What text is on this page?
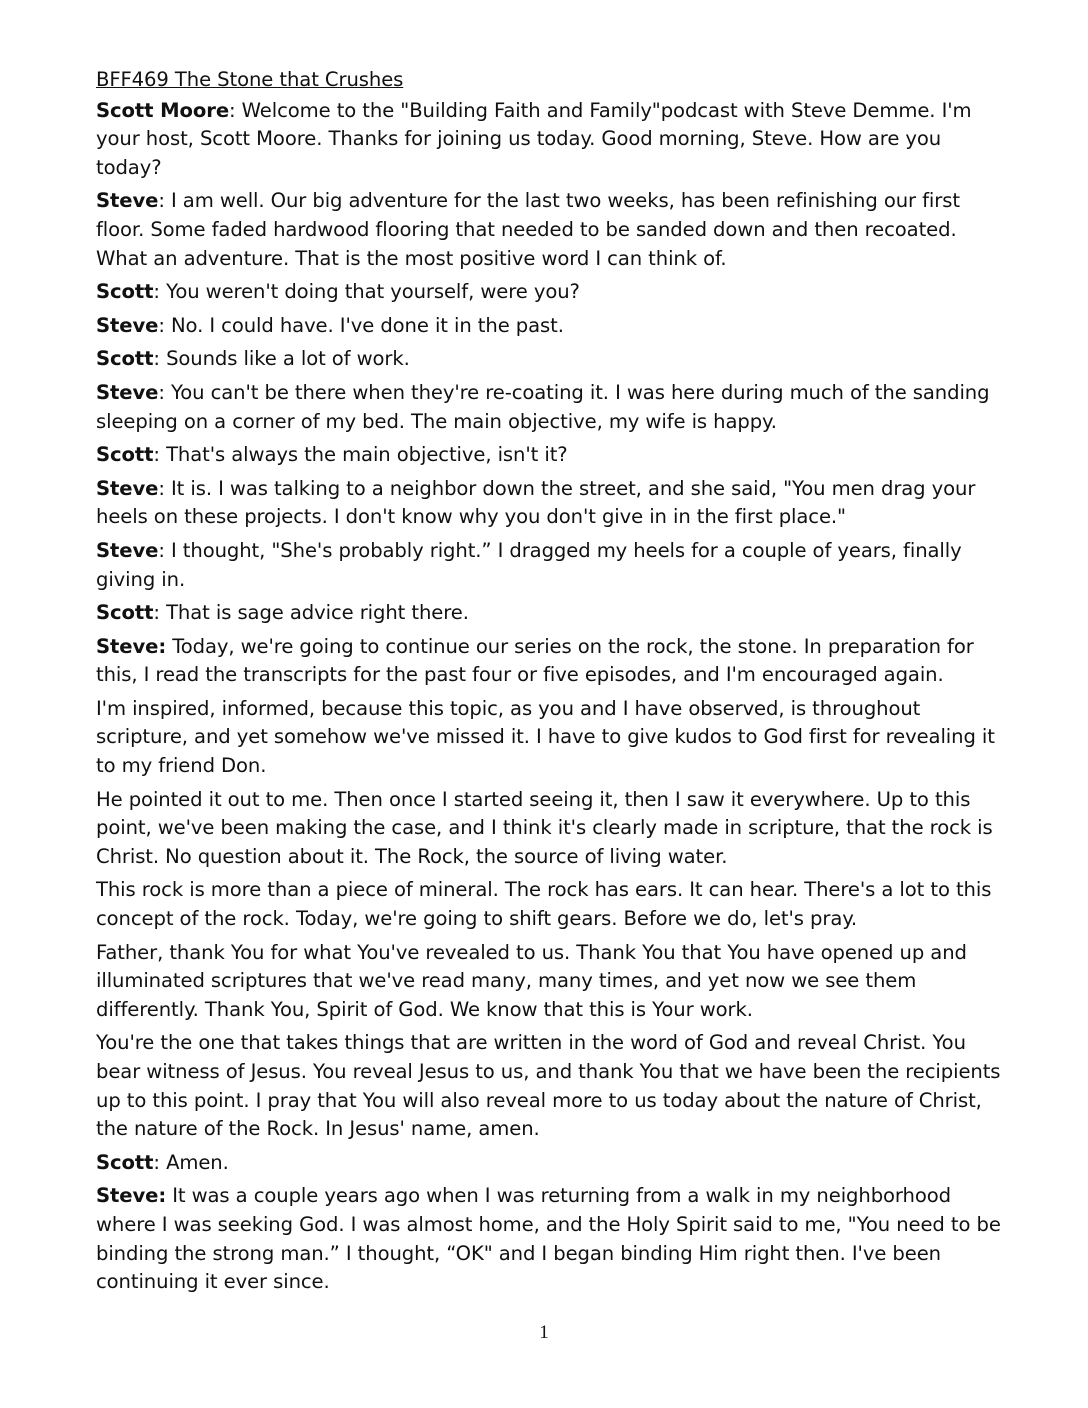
BFF469 The Stone that Crushes
Scott Moore: Welcome to the "Building Faith and Family"podcast with Steve Demme. I'm your host, Scott Moore. Thanks for joining us today. Good morning, Steve. How are you today?
Steve: I am well. Our big adventure for the last two weeks, has been refinishing our first floor. Some faded hardwood flooring that needed to be sanded down and then recoated. What an adventure. That is the most positive word I can think of.
Scott: You weren't doing that yourself, were you?
Steve: No. I could have. I've done it in the past.
Scott: Sounds like a lot of work.
Steve: You can't be there when they're re-coating it. I was here during much of the sanding sleeping on a corner of my bed. The main objective, my wife is happy.
Scott: That's always the main objective, isn't it?
Steve: It is. I was talking to a neighbor down the street, and she said, "You men drag your heels on these projects. I don't know why you don't give in in the first place."
Steve: I thought, "She's probably right.” I dragged my heels for a couple of years, finally giving in.
Scott: That is sage advice right there.
Steve: Today, we're going to continue our series on the rock, the stone. In preparation for this, I read the transcripts for the past four or five episodes, and I'm encouraged again.
I'm inspired, informed, because this topic, as you and I have observed, is throughout scripture, and yet somehow we've missed it. I have to give kudos to God first for revealing it to my friend Don.
He pointed it out to me. Then once I started seeing it, then I saw it everywhere. Up to this point, we've been making the case, and I think it's clearly made in scripture, that the rock is Christ. No question about it. The Rock, the source of living water.
This rock is more than a piece of mineral. The rock has ears. It can hear. There's a lot to this concept of the rock. Today, we're going to shift gears. Before we do, let's pray.
Father, thank You for what You've revealed to us. Thank You that You have opened up and illuminated scriptures that we've read many, many times, and yet now we see them differently. Thank You, Spirit of God. We know that this is Your work.
You're the one that takes things that are written in the word of God and reveal Christ. You bear witness of Jesus. You reveal Jesus to us, and thank You that we have been the recipients up to this point. I pray that You will also reveal more to us today about the nature of Christ, the nature of the Rock. In Jesus' name, amen.
Scott: Amen.
Steve: It was a couple years ago when I was returning from a walk in my neighborhood where I was seeking God. I was almost home, and the Holy Spirit said to me, "You need to be binding the strong man.” I thought, “OK" and I began binding Him right then. I've been continuing it ever since.
1
